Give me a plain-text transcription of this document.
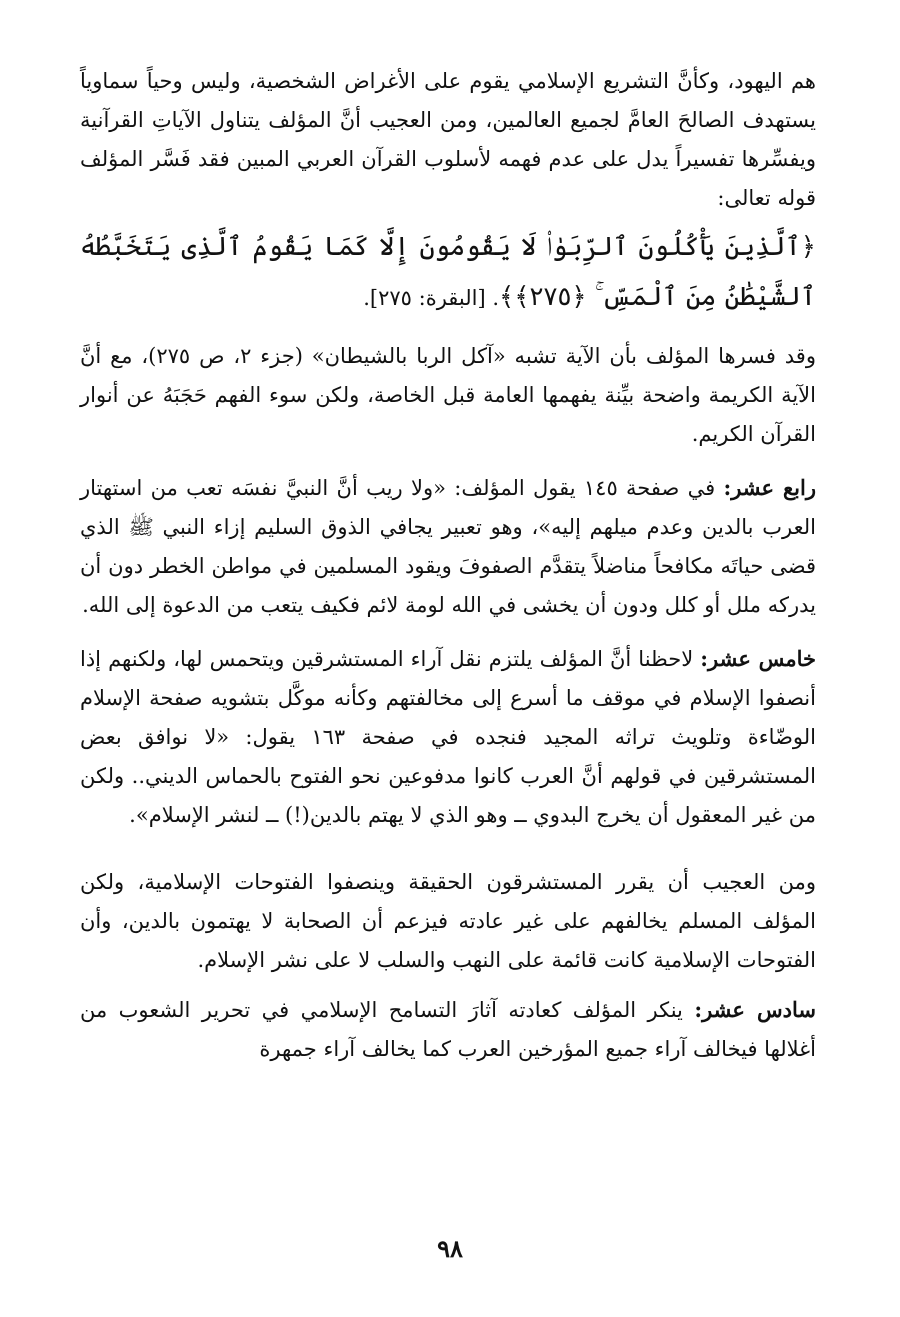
هم اليهود، وكأنَّ التشريع الإسلامي يقوم على الأغراض الشخصية، وليس وحياً سماوياً يستهدف الصالحَ العامَّ لجميع العالمين، ومن العجيب أنَّ المؤلف يتناول الآياتِ القرآنية ويفسِّرها تفسيراً يدل على عدم فهمه لأسلوب القرآن العربي المبين فقد فَسَّر المؤلف قوله تعالى:

﴿ٱلَّذِينَ يَأْكُلُونَ ٱلرِّبَوٰا۟ لَا يَقُومُونَ إِلَّا كَمَا يَقُومُ ٱلَّذِى يَتَخَبَّطُهُ ٱلشَّيْطَٰنُ مِنَ ٱلْمَسِّ ۚ ﴿٢٧٥﴾﴾. [البقرة: ٢٧٥].

وقد فسرها المؤلف بأن الآية تشبه «آكل الربا بالشيطان» (جزء ٢، ص ٢٧٥)، مع أنَّ الآية الكريمة واضحة بيِّنة يفهمها العامة قبل الخاصة، ولكن سوء الفهم حَجَبَهُ عن أنوار القرآن الكريم.

رابع عشر: في صفحة ١٤٥ يقول المؤلف: «ولا ريب أنَّ النبيَّ نفسَه تعب من استهتار العرب بالدين وعدم ميلهم إليه»، وهو تعبير يجافي الذوق السليم إزاء النبي ﷺ الذي قضى حياتَه مكافحاً مناضلاً يتقدَّم الصفوفَ ويقود المسلمين في مواطن الخطر دون أن يدركه ملل أو كلل ودون أن يخشى في الله لومة لائم فكيف يتعب من الدعوة إلى الله.

خامس عشر: لاحظنا أنَّ المؤلف يلتزم نقل آراء المستشرقين ويتحمس لها، ولكنهم إذا أنصفوا الإسلام في موقف ما أسرع إلى مخالفتهم وكأنه موكَّل بتشويه صفحة الإسلام الوضّاءة وتلويث تراثه المجيد فنجده في صفحة ١٦٣ يقول: «لا نوافق بعض المستشرقين في قولهم أنَّ العرب كانوا مدفوعين نحو الفتوح بالحماس الديني.. ولكن من غير المعقول أن يخرج البدوي ــ وهو الذي لا يهتم بالدين(!) ــ لنشر الإسلام».

ومن العجيب أن يقرر المستشرقون الحقيقة وينصفوا الفتوحات الإسلامية، ولكن المؤلف المسلم يخالفهم على غير عادته فيزعم أن الصحابة لا يهتمون بالدين، وأن الفتوحات الإسلامية كانت قائمة على النهب والسلب لا على نشر الإسلام.

سادس عشر: ينكر المؤلف كعادته آثارَ التسامح الإسلامي في تحرير الشعوب من أغلالها فيخالف آراء جميع المؤرخين العرب كما يخالف آراء جمهرة

٩٨
